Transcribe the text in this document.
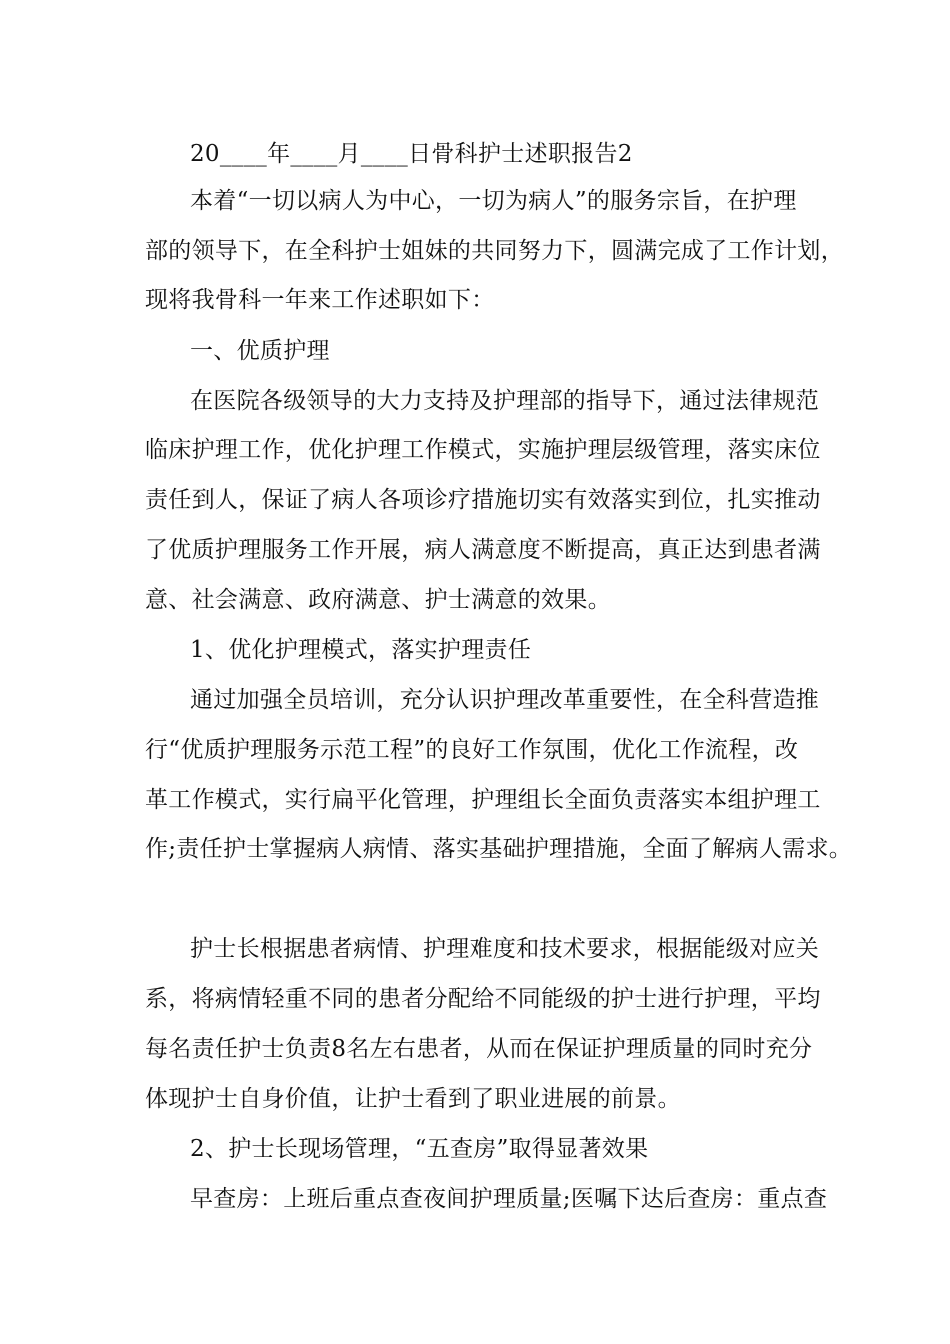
20____年____月____日骨科护士述职报告2
本着“一切以病人为中心，一切为病人”的服务宗旨，在护理
部的领导下，在全科护士姐妹的共同努力下，圆满完成了工作计划，
现将我骨科一年来工作述职如下：
一、优质护理
在医院各级领导的大力支持及护理部的指导下，通过法律规范
临床护理工作，优化护理工作模式，实施护理层级管理，落实床位
责任到人，保证了病人各项诊疗措施切实有效落实到位，扎实推动
了优质护理服务工作开展，病人满意度不断提高，真正达到患者满
意、社会满意、政府满意、护士满意的效果。
1、优化护理模式，落实护理责任
通过加强全员培训，充分认识护理改革重要性，在全科营造推
行“优质护理服务示范工程”的良好工作氛围，优化工作流程，改
革工作模式，实行扁平化管理，护理组长全面负责落实本组护理工
作;责任护士掌握病人病情、落实基础护理措施，全面了解病人需求。
护士长根据患者病情、护理难度和技术要求，根据能级对应关
系，将病情轻重不同的患者分配给不同能级的护士进行护理，平均
每名责任护士负责8名左右患者，从而在保证护理质量的同时充分
体现护士自身价值，让护士看到了职业进展的前景。
2、护士长现场管理，“五查房”取得显著效果
早查房：上班后重点查夜间护理质量;医嘱下达后查房：重点查
